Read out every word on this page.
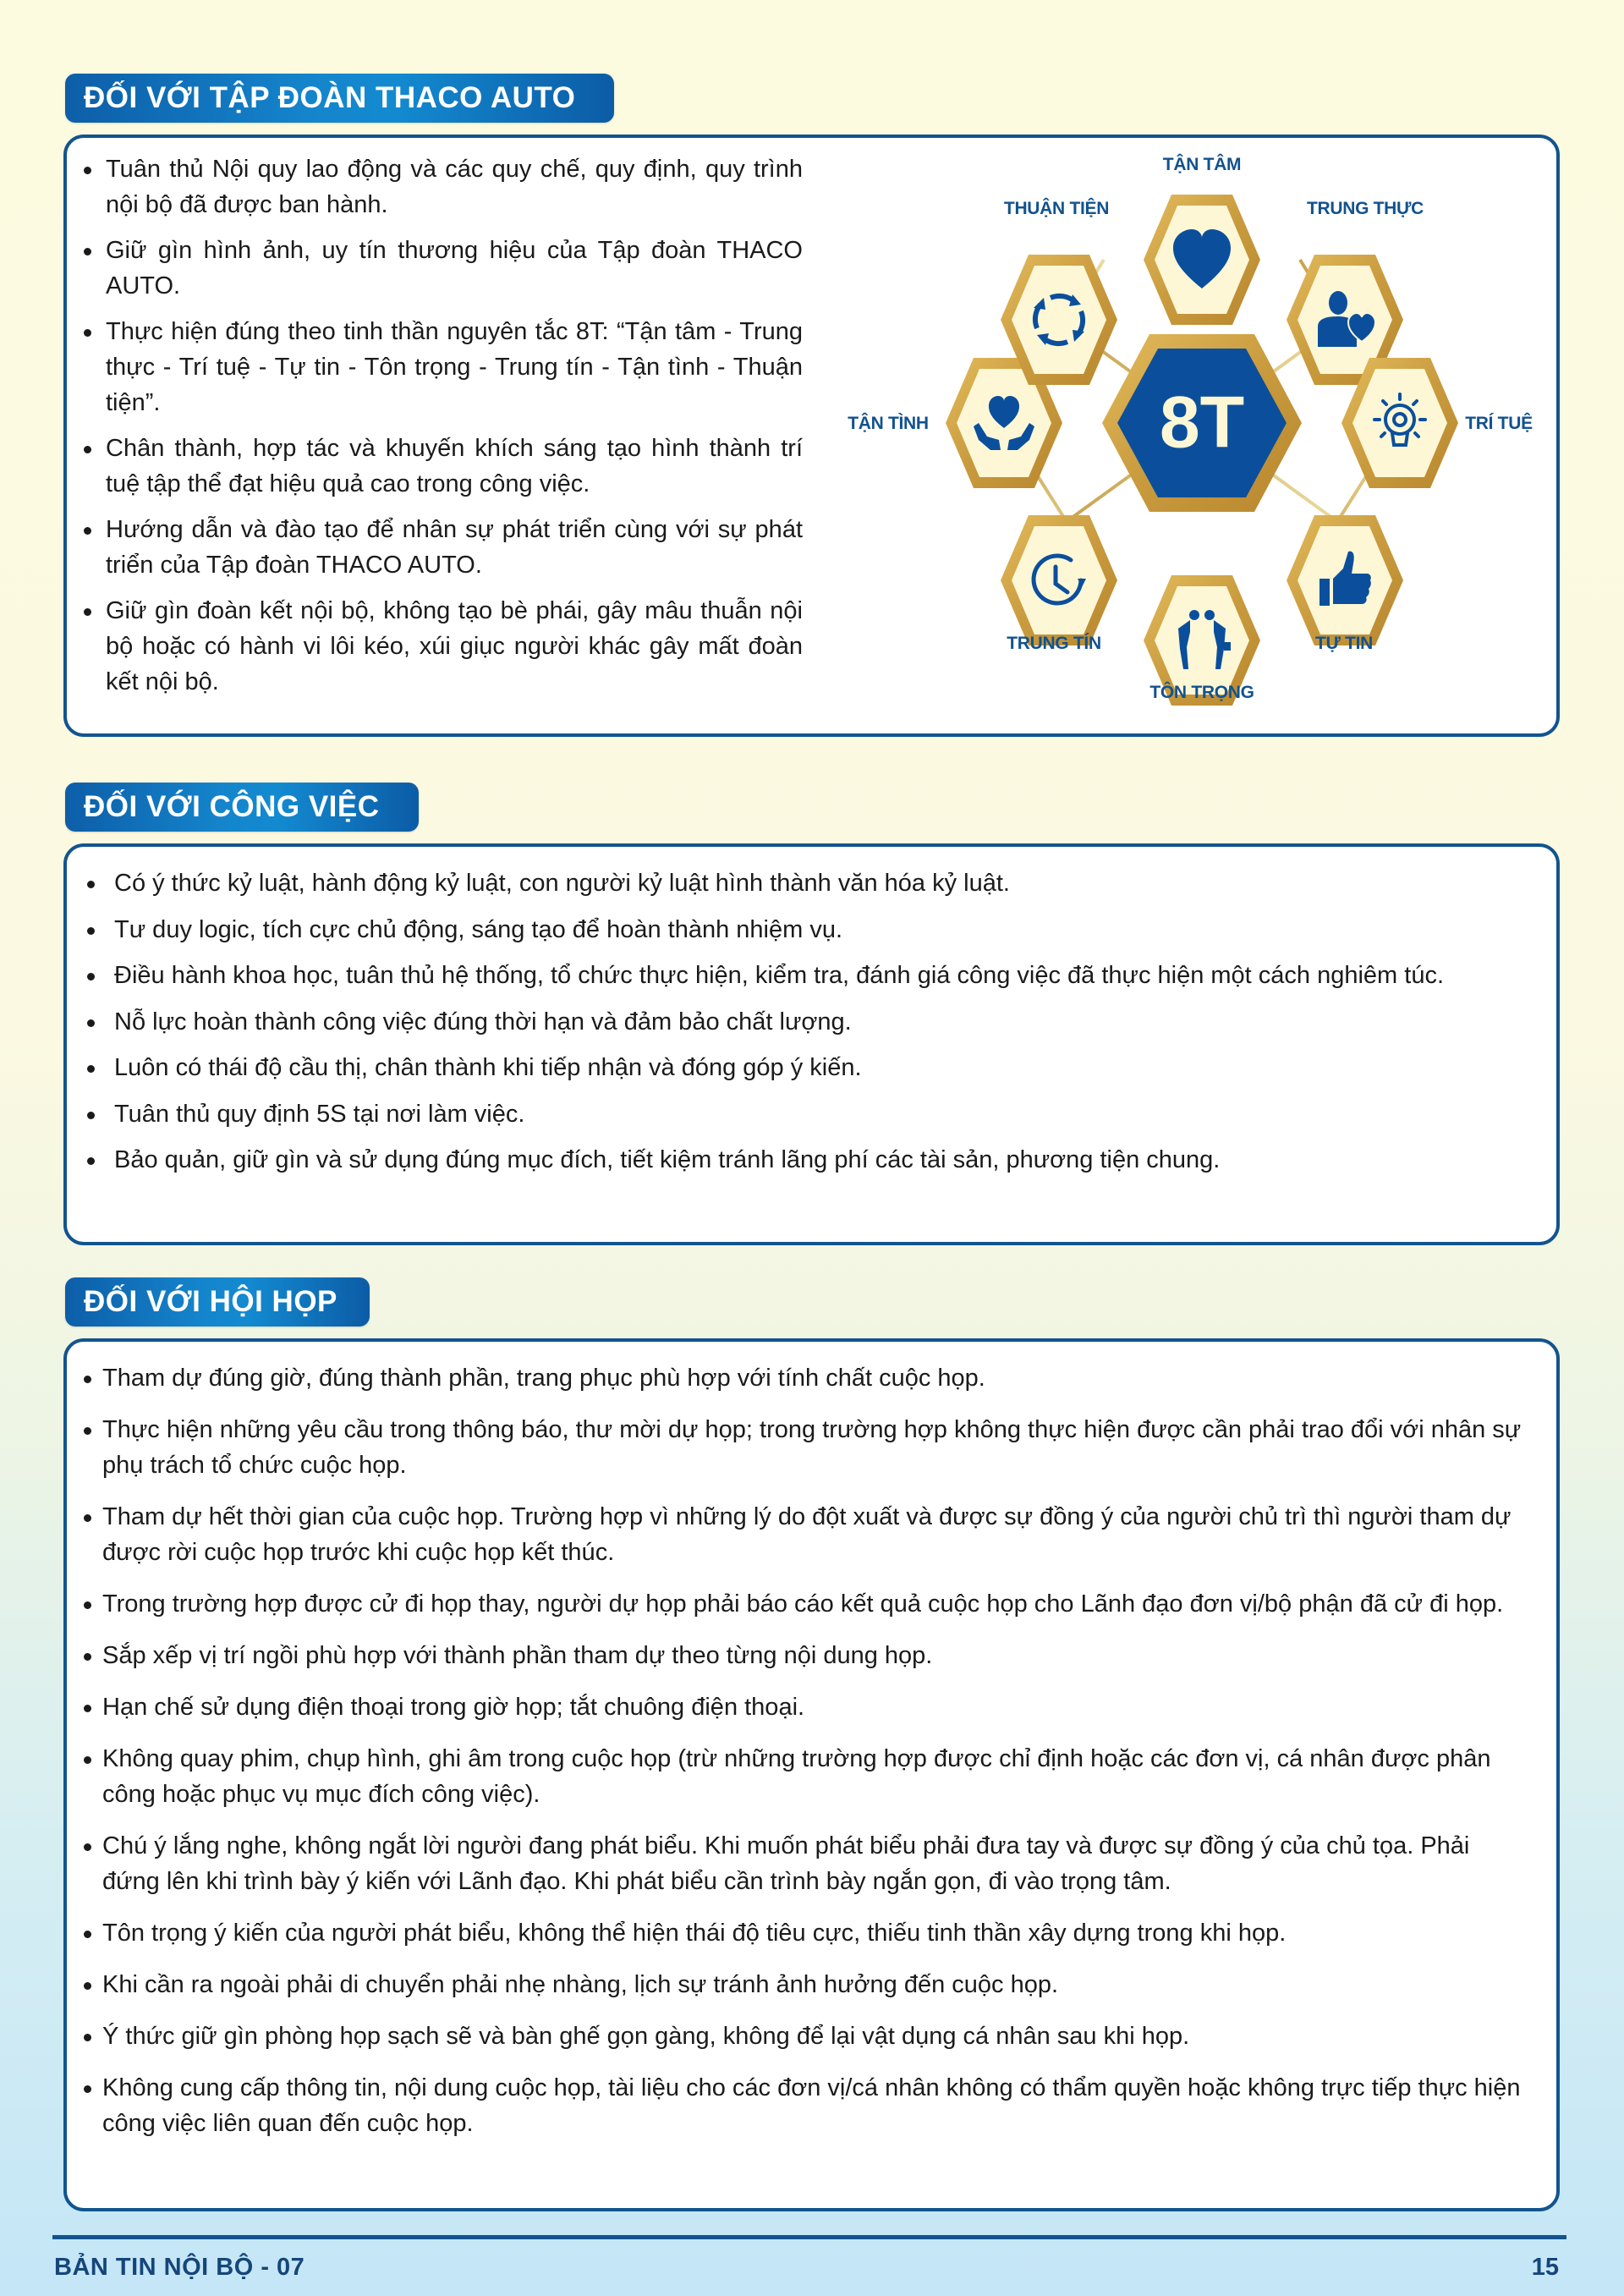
ĐỐI VỚI TẬP ĐOÀN THACO AUTO
Tuân thủ Nội quy lao động và các quy chế, quy định, quy trình nội bộ đã được ban hành.
Giữ gìn hình ảnh, uy tín thương hiệu của Tập đoàn THACO AUTO.
Thực hiện đúng theo tinh thần nguyên tắc 8T: “Tận tâm - Trung thực - Trí tuệ - Tự tin - Tôn trọng - Trung tín - Tận tình - Thuận tiện”.
Chân thành, hợp tác và khuyến khích sáng tạo hình thành trí tuệ tập thể đạt hiệu quả cao trong công việc.
Hướng dẫn và đào tạo để nhân sự phát triển cùng với sự phát triển của Tập đoàn THACO AUTO.
Giữ gìn đoàn kết nội bộ, không tạo bè phái, gây mâu thuẫn nội bộ hoặc có hành vi lôi kéo, xúi giục người khác gây mất đoàn kết nội bộ.
8T
TẬN TÂM
TRUNG THỰC
TRÍ TUỆ
TỰ TIN
TÔN TRỌNG
TRUNG TÍN
TẬN TÌNH
THUẬN TIỆN
ĐỐI VỚI CÔNG VIỆC
Có ý thức kỷ luật, hành động kỷ luật, con người kỷ luật hình thành văn hóa kỷ luật.
Tư duy logic, tích cực chủ động, sáng tạo để hoàn thành nhiệm vụ.
Điều hành khoa học, tuân thủ hệ thống, tổ chức thực hiện, kiểm tra, đánh giá công việc đã thực hiện một cách nghiêm túc.
Nỗ lực hoàn thành công việc đúng thời hạn và đảm bảo chất lượng.
Luôn có thái độ cầu thị, chân thành khi tiếp nhận và đóng góp ý kiến.
Tuân thủ quy định 5S tại nơi làm việc.
Bảo quản, giữ gìn và sử dụng đúng mục đích, tiết kiệm tránh lãng phí các tài sản, phương tiện chung.
ĐỐI VỚI HỘI HỌP
Tham dự đúng giờ, đúng thành phần, trang phục phù hợp với tính chất cuộc họp.
Thực hiện những yêu cầu trong thông báo, thư mời dự họp; trong trường hợp không thực hiện được cần phải trao đổi với nhân sự phụ trách tổ chức cuộc họp.
Tham dự hết thời gian của cuộc họp. Trường hợp vì những lý do đột xuất và được sự đồng ý của người chủ trì thì người tham dự được rời cuộc họp trước khi cuộc họp kết thúc.
Trong trường hợp được cử đi họp thay, người dự họp phải báo cáo kết quả cuộc họp cho Lãnh đạo đơn vị/bộ phận đã cử đi họp.
Sắp xếp vị trí ngồi phù hợp với thành phần tham dự theo từng nội dung họp.
Hạn chế sử dụng điện thoại trong giờ họp; tắt chuông điện thoại.
Không quay phim, chụp hình, ghi âm trong cuộc họp (trừ những trường hợp được chỉ định hoặc các đơn vị, cá nhân được phân công hoặc phục vụ mục đích công việc).
Chú ý lắng nghe, không ngắt lời người đang phát biểu. Khi muốn phát biểu phải đưa tay và được sự đồng ý của chủ tọa. Phải đứng lên khi trình bày ý kiến với Lãnh đạo. Khi phát biểu cần trình bày ngắn gọn, đi vào trọng tâm.
Tôn trọng ý kiến của người phát biểu, không thể hiện thái độ tiêu cực, thiếu tinh thần xây dựng trong khi họp.
Khi cần ra ngoài phải di chuyển phải nhẹ nhàng, lịch sự tránh ảnh hưởng đến cuộc họp.
Ý thức giữ gìn phòng họp sạch sẽ và bàn ghế gọn gàng, không để lại vật dụng cá nhân sau khi họp.
Không cung cấp thông tin, nội dung cuộc họp, tài liệu cho các đơn vị/cá nhân không có thẩm quyền hoặc không trực tiếp thực hiện công việc liên quan đến cuộc họp.
BẢN TIN NỘI BỘ - 07	15
